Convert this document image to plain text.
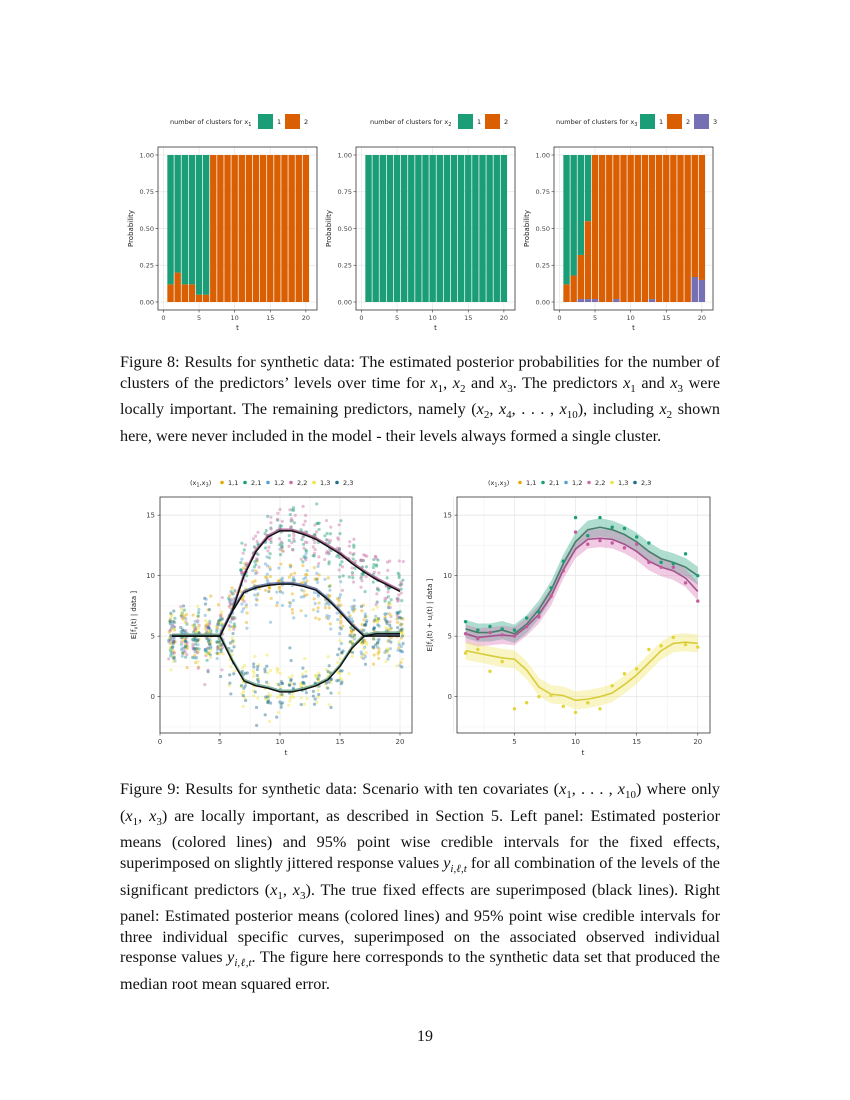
number of clusters for $x_1$	1	2
0.00
0.25
0.50
0.75
1.00
0	5	10	15	20
t
Probability
number of clusters for $x_2$	1	2
0.00
0.25
0.50
0.75
1.00
0	5	10	15	20
t
Probability
number of clusters for $x_3$	1	2	3
0.00
0.25
0.50
0.75
1.00
0	5	10	15	20
t
Probability
Figure 8: Results for synthetic data: The estimated posterior probabilities for the number of clusters of the predictors’ levels over time for $x_1$, $x_2$ and $x_3$. The predictors $x_1$ and $x_3$ were locally important. The remaining predictors, namely ($x_2$, $x_4$, . . . , $x_{10}$), including $x_2$ shown here, were never included in the model - their levels always formed a single cluster.
$(x_1,x_3)$	1,1 2,1 1,2 2,2 1,3 2,3	$(x_1,x_3)$	1,1 2,1 1,2 2,2 1,3 2,3
0
5
10
15
0	5	10	15	20
t
$E[f_x(t)$ | data ]
0
5
10
15
5	10	15	20
t
$E[f_x(t) + u_i(t)$ | data ]
Figure 9: Results for synthetic data: Scenario with ten covariates ($x_1$, . . . , $x_{10}$) where only ($x_1$, $x_3$) are locally important, as described in Section 5. Left panel: Estimated posterior means (colored lines) and 95% point wise credible intervals for the fixed effects, superimposed on slightly jittered response values $y_{i,\ell,t}$ for all combination of the levels of the significant predictors ($x_1$, $x_3$). The true fixed effects are superimposed (black lines). Right panel: Estimated posterior means (colored lines) and 95% point wise credible intervals for three individual specific curves, superimposed on the associated observed individual response values $y_{i,\ell,t}$. The figure here corresponds to the synthetic data set that produced the median root mean squared error.
19
